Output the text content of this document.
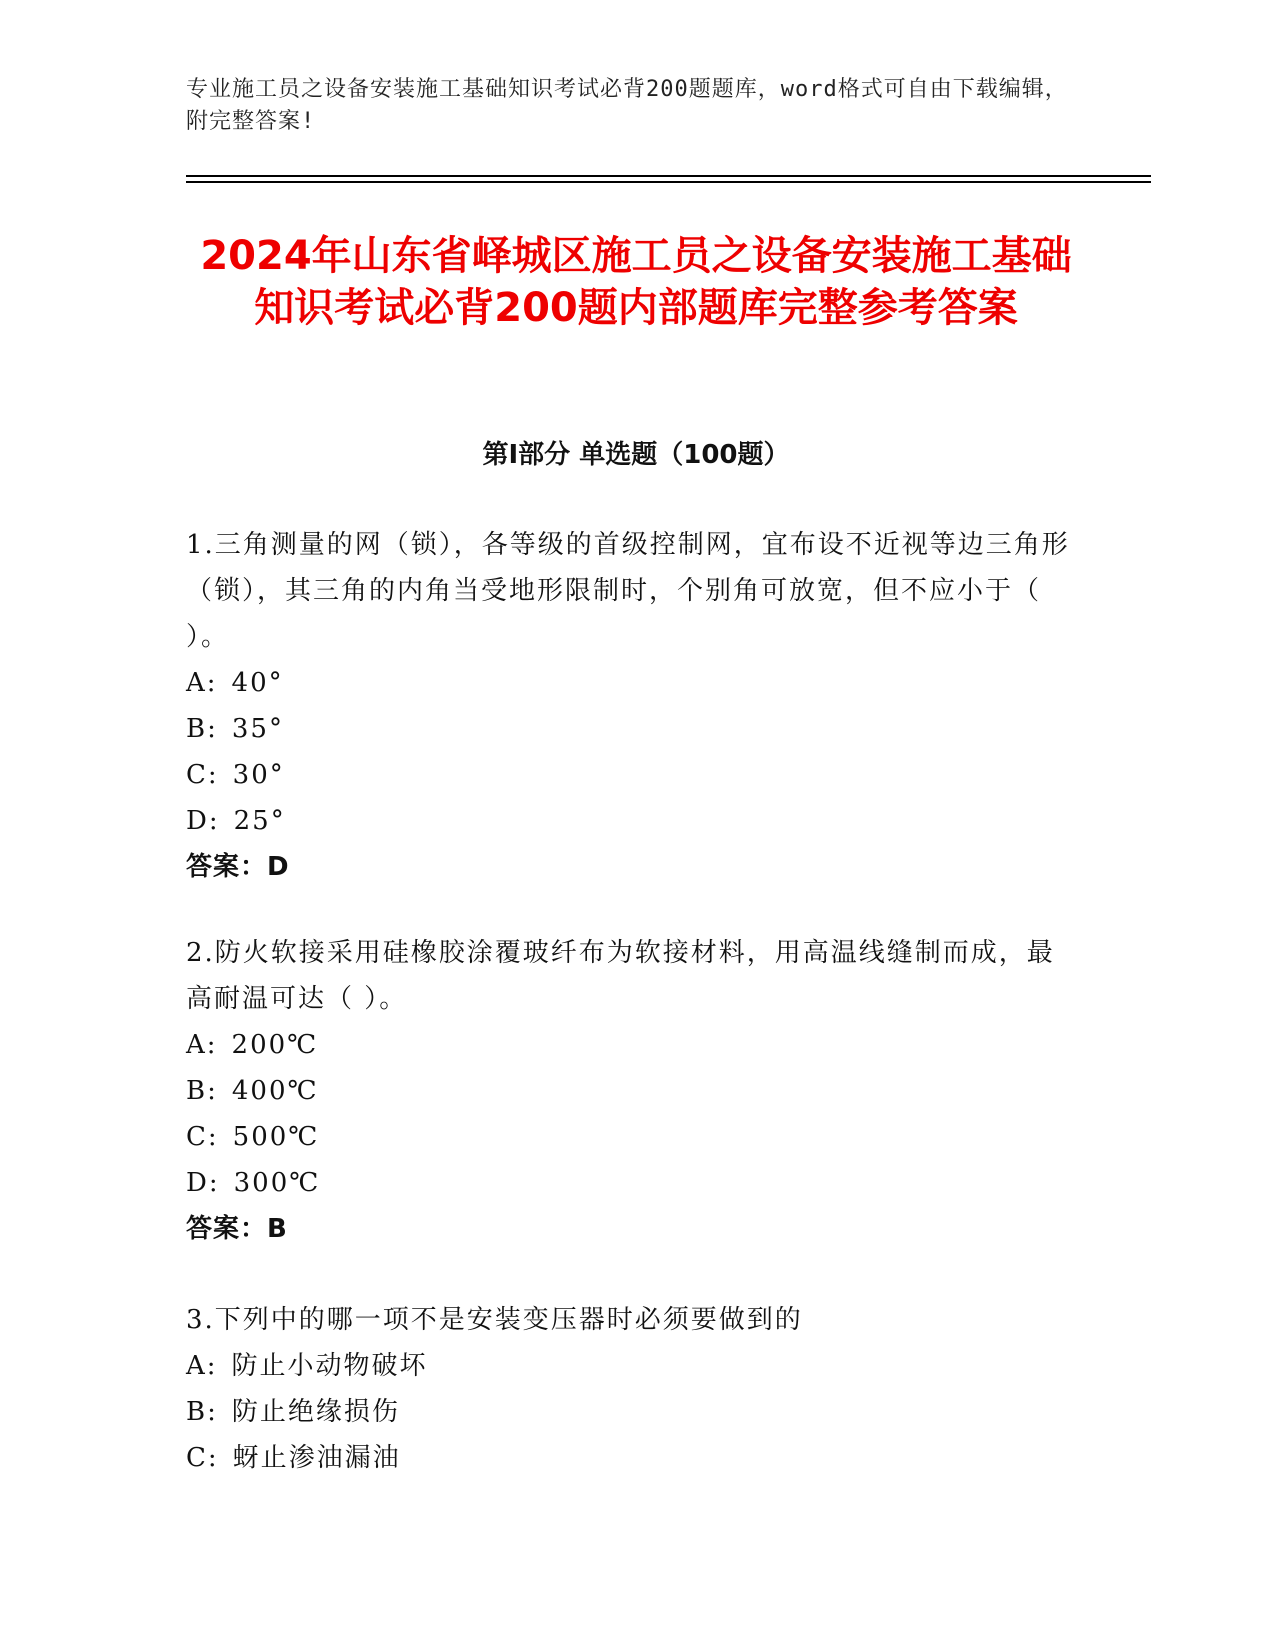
专业施工员之设备安装施工基础知识考试必背200题题库，word格式可自由下载编辑，附完整答案!
2024年山东省峄城区施工员之设备安装施工基础知识考试必背200题内部题库完整参考答案
第I部分 单选题（100题）

1.三角测量的网（锁），各等级的首级控制网，宜布设不近视等边三角形（锁），其三角的内角当受地形限制时，个别角可放宽，但不应小于（ ）。

A: 40°

B: 35°

C: 30°

D: 25°

答案：D

2.防火软接采用硅橡胶涂覆玻纤布为软接材料，用高温线缝制而成，最高耐温可达（ ）。

A: 200℃

B: 400℃

C: 500℃

D: 300℃

答案：B

3.下列中的哪一项不是安装变压器时必须要做到的

A: 防止小动物破坏

B: 防止绝缘损伤

C: 蚜止渗油漏油
